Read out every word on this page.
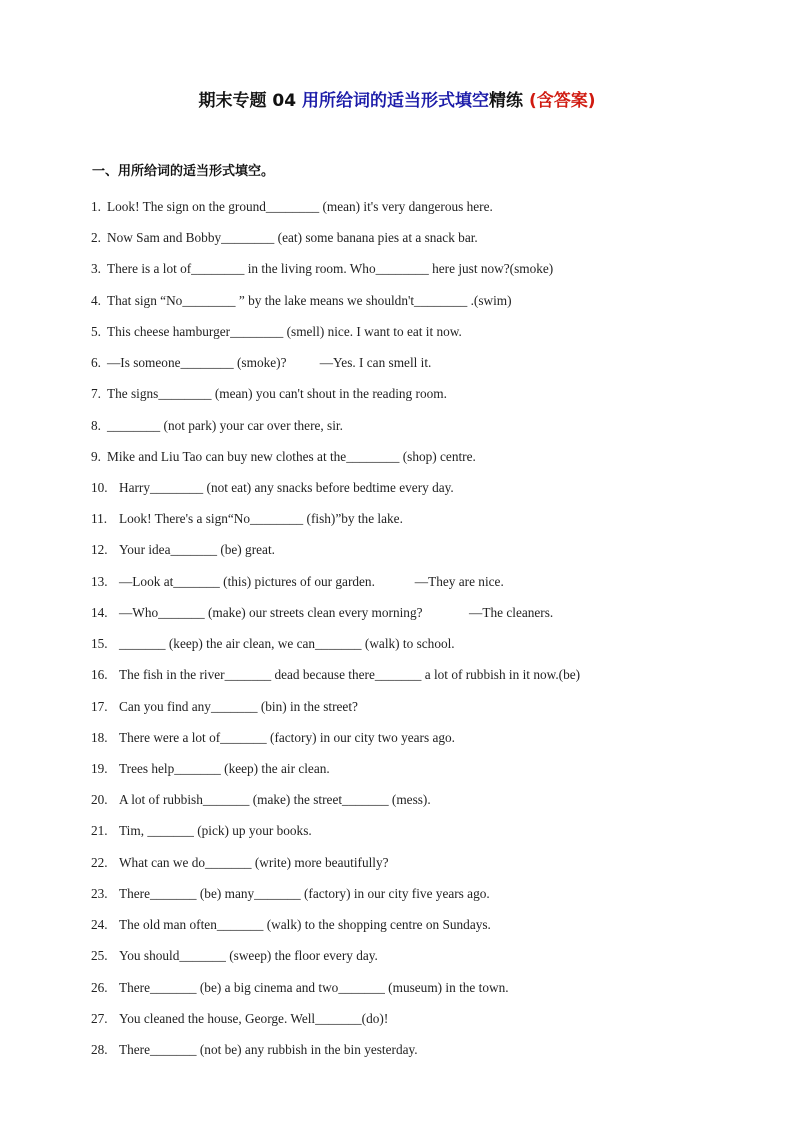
期末专题 04 用所给词的适当形式填空精练 (含答案)
一、用所给词的适当形式填空。
1. Look! The sign on the ground________ (mean) it's very dangerous here.
2. Now Sam and Bobby________ (eat) some banana pies at a snack bar.
3. There is a lot of________ in the living room. Who________ here just now?(smoke)
4. That sign “No________ ” by the lake means we shouldn't________ .(swim)
5. This cheese hamburger________ (smell) nice. I want to eat it now.
6. —Is someone________ (smoke)?          —Yes. I can smell it.
7. The signs________ (mean) you can't shout in the reading room.
8. ________ (not park) your car over there, sir.
9. Mike and Liu Tao can buy new clothes at the________ (shop) centre.
10. Harry________ (not eat) any snacks before bedtime every day.
11. Look! There's a sign“No________ (fish)”by the lake.
12. Your idea_______ (be) great.
13. —Look at_______ (this) pictures of our garden.            —They are nice.
14. —Who_______ (make) our streets clean every morning?              —The cleaners.
15. _______ (keep) the air clean, we can_______ (walk) to school.
16. The fish in the river_______ dead because there_______ a lot of rubbish in it now.(be)
17. Can you find any_______ (bin) in the street?
18. There were a lot of_______ (factory) in our city two years ago.
19. Trees help_______ (keep) the air clean.
20. A lot of rubbish_______ (make) the street_______ (mess).
21. Tim, _______ (pick) up your books.
22. What can we do_______ (write) more beautifully?
23. There_______ (be) many_______ (factory) in our city five years ago.
24. The old man often_______ (walk) to the shopping centre on Sundays.
25. You should_______ (sweep) the floor every day.
26. There_______ (be) a big cinema and two_______ (museum) in the town.
27. You cleaned the house, George. Well_______(do)!
28. There_______ (not be) any rubbish in the bin yesterday.
